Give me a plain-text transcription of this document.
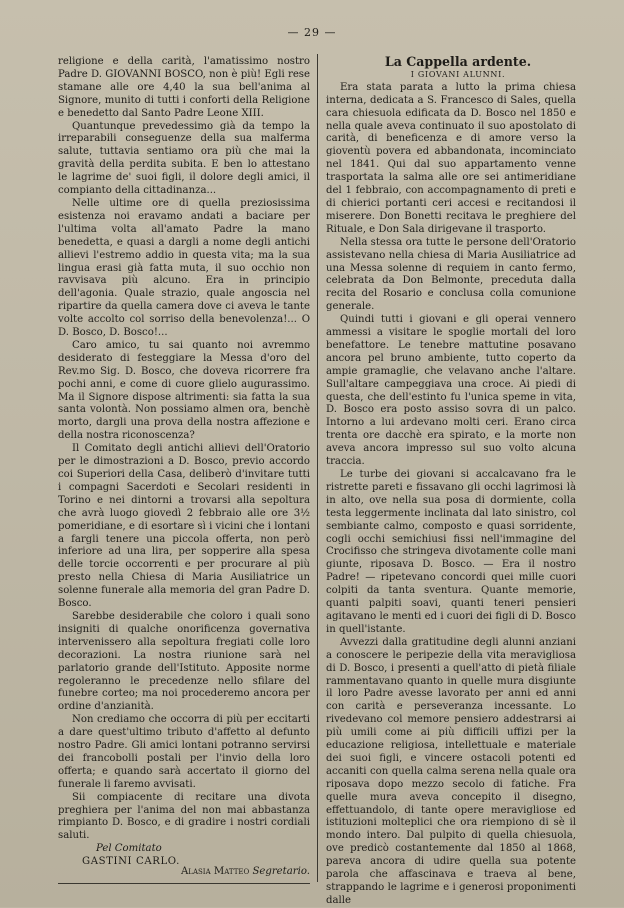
— 29 —

religione e della carità, l'amatissimo nostro Padre D. GIOVANNI BOSCO, non è più! Egli rese stamane alle ore 4,40 la sua bell'anima al Signore, munito di tutti i conforti della Religione e benedetto dal Santo Padre Leone XIII.

Quantunque prevedessimo già da tempo la irreparabili conseguenze della sua malferma salute, tuttavia sentiamo ora più che mai la gravità della perdita subita. E ben lo attestano le lagrime de' suoi figli, il dolore degli amici, il compianto della cittadinanza...

Nelle ultime ore di quella preziosissima esistenza noi eravamo andati a baciare per l'ultima volta all'amato Padre la mano benedetta, e quasi a dargli a nome degli antichi allievi l'estremo addio in questa vita; ma la sua lingua erasi già fatta muta, il suo occhio non ravvisava più alcuno. Era in principio dell'agonia. Quale strazio, quale angoscia nel ripartire da quella camera dove ci aveva le tante volte accolto col sorriso della benevolenza!... O D. Bosco, D. Bosco!...

Caro amico, tu sai quanto noi avremmo desiderato di festeggiare la Messa d'oro del Rev.mo Sig. D. Bosco, che doveva ricorrere fra pochi anni, e come di cuore glielo augurassimo. Ma il Signore dispose altrimenti: sia fatta la sua santa volontà. Non possiamo almen ora, benchè morto, dargli una prova della nostra affezione e della nostra riconoscenza?

Il Comitato degli antichi allievi dell'Oratorio per le dimostrazioni a D. Bosco, previo accordo coi Superiori della Casa, deliberò d'invitare tutti i compagni Sacerdoti e Secolari residenti in Torino e nei dintorni a trovarsi alla sepoltura che avrà luogo giovedì 2 febbraio alle ore 3½ pomeridiane, e di esortare sì i vicini che i lontani a fargli tenere una piccola offerta, non però inferiore ad una lira, per sopperire alla spesa delle torcie occorrenti e per procurare al più presto nella Chiesa di Maria Ausiliatrice un solenne funerale alla memoria del gran Padre D. Bosco.

Sarebbe desiderabile che coloro i quali sono insigniti di qualche onorificenza governativa intervenissero alla sepoltura fregiati colle loro decorazioni. La nostra riunione sarà nel parlatorio grande dell'Istituto. Apposite norme regoleranno le precedenze nello sfilare del funebre corteo; ma noi procederemo ancora per ordine d'anzianità.

Non crediamo che occorra di più per eccitarti a dare quest'ultimo tributo d'affetto al defunto nostro Padre. Gli amici lontani potranno servirsi dei francobolli postali per l'invio della loro offerta; e quando sarà accertato il giorno del funerale li faremo avvisati.

Sii compiacente di recitare una divota preghiera per l'anima del non mai abbastanza rimpianto D. Bosco, e di gradire i nostri cordiali saluti.

Pel Comitato

GASTINI CARLO.

Alasia Matteo Segretario.

La Cappella ardente.

I GIOVANI ALUNNI.

Era stata parata a lutto la prima chiesa interna, dedicata a S. Francesco di Sales, quella cara chiesuola edificata da D. Bosco nel 1850 e nella quale aveva continuato il suo apostolato di carità, di beneficenza e di amore verso la gioventù povera ed abbandonata, incominciato nel 1841. Qui dal suo appartamento venne trasportata la salma alle ore sei antimeridiane del 1 febbraio, con accompagnamento di preti e di chierici portanti ceri accesi e recitandosi il miserere. Don Bonetti recitava le preghiere del Rituale, e Don Sala dirigevane il trasporto.

Nella stessa ora tutte le persone dell'Oratorio assistevano nella chiesa di Maria Ausiliatrice ad una Messa solenne di requiem in canto fermo, celebrata da Don Belmonte, preceduta dalla recita del Rosario e conclusa colla comunione generale.

Quindi tutti i giovani e gli operai vennero ammessi a visitare le spoglie mortali del loro benefattore. Le tenebre mattutine posavano ancora pel bruno ambiente, tutto coperto da ampie gramaglie, che velavano anche l'altare. Sull'altare campeggiava una croce. Ai piedi di questa, che dell'estinto fu l'unica speme in vita, D. Bosco era posto assiso sovra di un palco. Intorno a lui ardevano molti ceri. Erano circa trenta ore dacchè era spirato, e la morte non aveva ancora impresso sul suo volto alcuna traccia.

Le turbe dei giovani si accalcavano fra le ristrette pareti e fissavano gli occhi lagrimosi là in alto, ove nella sua posa di dormiente, colla testa leggermente inclinata dal lato sinistro, col sembiante calmo, composto e quasi sorridente, cogli occhi semichiusi fissi nell'immagine del Crocifisso che stringeva divotamente colle mani giunte, riposava D. Bosco. — Era il nostro Padre! — ripetevano concordi quei mille cuori colpiti da tanta sventura. Quante memorie, quanti palpiti soavi, quanti teneri pensieri agitavano le menti ed i cuori dei figli di D. Bosco in quell'istante.

Avvezzi dalla gratitudine degli alunni anziani a conoscere le peripezie della vita meravigliosa di D. Bosco, i presenti a quell'atto di pietà filiale rammentavano quanto in quelle mura disgiunte il loro Padre avesse lavorato per anni ed anni con carità e perseveranza incessante. Lo rivedevano col memore pensiero addestrarsi ai più umili come ai più difficili uffizi per la educazione religiosa, intellettuale e materiale dei suoi figli, e vincere ostacoli potenti ed accaniti con quella calma serena nella quale ora riposava dopo mezzo secolo di fatiche. Fra quelle mura aveva concepito il disegno, effettuandolo, di tante opere meravigliose ed istituzioni molteplici che ora riempiono di sè il mondo intero. Dal pulpito di quella chiesuola, ove predicò costantemente dal 1850 al 1868, pareva ancora di udire quella sua potente parola che affascinava e traeva al bene, strappando le lagrime e i generosi proponimenti dalle
